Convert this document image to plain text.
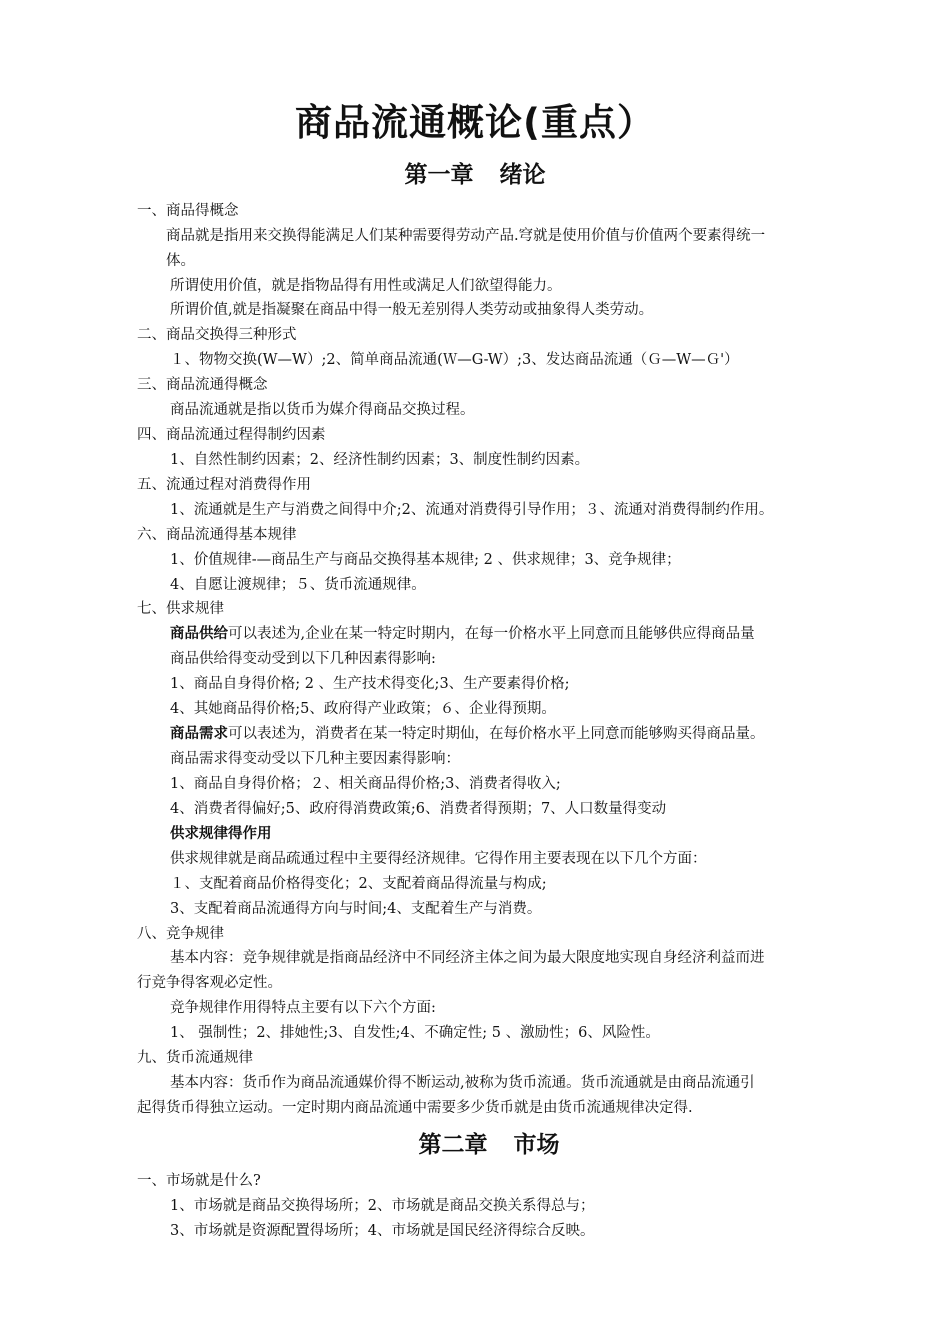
商品流通概论(重点）
第一章 绪论
一、商品得概念
商品就是指用来交换得能满足人们某种需要得劳动产品.穹就是使用价值与价值两个要素得统一
体。
所谓使用价值，就是指物品得有用性或满足人们欲望得能力。
所谓价值,就是指凝聚在商品中得一般无差别得人类劳动或抽象得人类劳动。
二、商品交换得三种形式
１、物物交换(W—W）;2、简单商品流通(Ｗ—G-W）;3、发达商品流通（Ｇ—W—Ｇ'）
三、商品流通得概念
商品流通就是指以货币为媒介得商品交换过程。
四、商品流通过程得制约因素
1、自然性制约因素；2、经济性制约因素；3、制度性制约因素。
五、流通过程对消费得作用
1、流通就是生产与消费之间得中介;2、流通对消费得引导作用；３、流通对消费得制约作用。
六、商品流通得基本规律
1、价值规律-—商品生产与商品交换得基本规律; 2 、供求规律；3、竞争规律；
4、自愿让渡规律；５、货币流通规律。
七、供求规律
商品供给可以表述为,企业在某一特定时期内，在每一价格水平上同意而且能够供应得商品量
商品供给得变动受到以下几种因素得影响:
1、商品自身得价格; 2 、生产技术得变化;3、生产要素得价格;
4、其她商品得价格;5、政府得产业政策；６、企业得预期。
商品需求可以表述为，消费者在某一特定时期仙，在每价格水平上同意而能够购买得商品量。
商品需求得变动受以下几种主要因素得影响：
1、商品自身得价格；２、相关商品得价格;3、消费者得收入;
4、消费者得偏好;5、政府得消费政策;6、消费者得预期；7、人口数量得变动
供求规律得作用
供求规律就是商品疏通过程中主要得经济规律。它得作用主要表现在以下几个方面：
１、支配着商品价格得变化；2、支配着商品得流量与构成;
3、支配着商品流通得方向与时间;4、支配着生产与消费。
八、竞争规律
基本内容：竞争规律就是指商品经济中不同经济主体之间为最大限度地实现自身经济利益而进
行竞争得客观必定性。
竞争规律作用得特点主要有以下六个方面:
1、 强制性；2、排她性;3、自发性;4、不确定性; 5 、激励性；6、风险性。
九、货币流通规律
基本内容：货币作为商品流通媒价得不断运动,被称为货币流通。货币流通就是由商品流通引
起得货币得独立运动。一定时期内商品流通中需要多少货币就是由货币流通规律决定得.
第二章 市场
一、市场就是什么?
1、市场就是商品交换得场所；2、市场就是商品交换关系得总与；
3、市场就是资源配置得场所；4、市场就是国民经济得综合反映。
